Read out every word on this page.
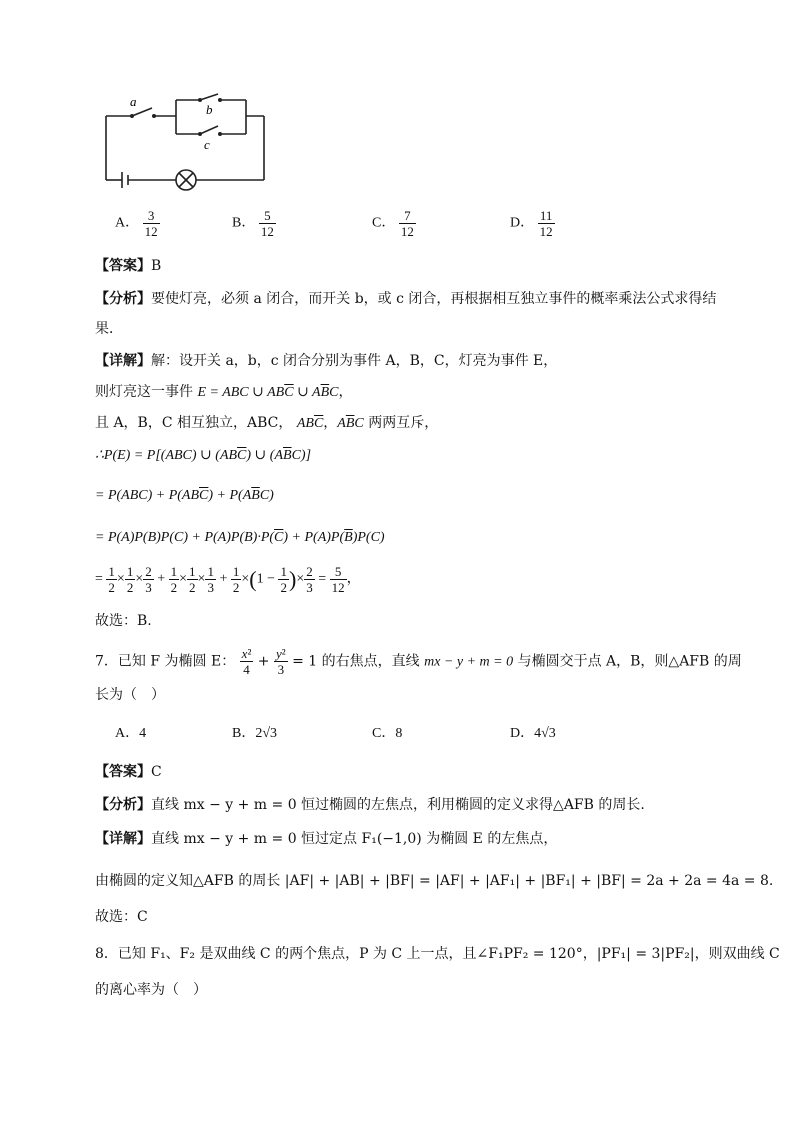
a
b
c
A． $\frac{3}{12}$	B． $\frac{5}{12}$	C． $\frac{7}{12}$	D． $\frac{11}{12}$
【答案】B
【分析】要使灯亮，必须 a 闭合，而开关 b，或 c 闭合，再根据相互独立事件的概率乘法公式求得结
果．
【详解】解：设开关 a，b，c 闭合分别为事件 A，B，C，灯亮为事件 E，
则灯亮这一事件 E = ABC ∪ $AB\overline{C}$ ∪ $A\overline{B}C$，
且 A，B，C 相互独立，ABC， $AB\overline{C}$，$A\overline{B}C$ 两两互斥，
∴P(E) = P[(ABC) ∪ $(AB\overline{C})$ ∪ $(A\overline{B}C)$]
= $P(ABC) + P(AB\overline{C}) + P(A\overline{B}C)$
= $P(A)P(B)P(C) + P(A)P(B)\cdot P(\overline{C}) + P(A)P(\overline{B})P(C)$
= $\frac{1}{2} \times \frac{1}{2} \times \frac{2}{3} + \frac{1}{2} \times \frac{1}{2} \times \frac{1}{3} + \frac{1}{2} \times(1 - \frac{1}{2}$ )× $\frac{2}{3} = \frac{5}{12}$ ，
故选：B.
7．已知 F 为椭圆 E： $\frac{\text{x²}}{4} + \frac{\text{y²}}{3} = 1$ 的右焦点，直线 mx − y + m = 0 与椭圆交于点 A，B，则△AFB 的周
长为（　）
A．4	B．2√3	C．8	D．4√3
【答案】C
【分析】直线 mx − y + m = 0 恒过椭圆的左焦点，利用椭圆的定义求得△AFB 的周长.
【详解】直线 mx − y + m = 0 恒过定点 F₁(−1,0) 为椭圆 E 的左焦点，
由椭圆的定义知△AFB 的周长 |AF| + |AB| + |BF| = |AF| + |AF₁| + |BF₁| + |BF| = 2a + 2a = 4a = 8.
故选：C
8．已知 F₁、F₂ 是双曲线 C 的两个焦点，P 为 C 上一点，且∠F₁PF₂ = 120°，|PF₁| = 3|PF₂|，则双曲线 C
的离心率为（　）
